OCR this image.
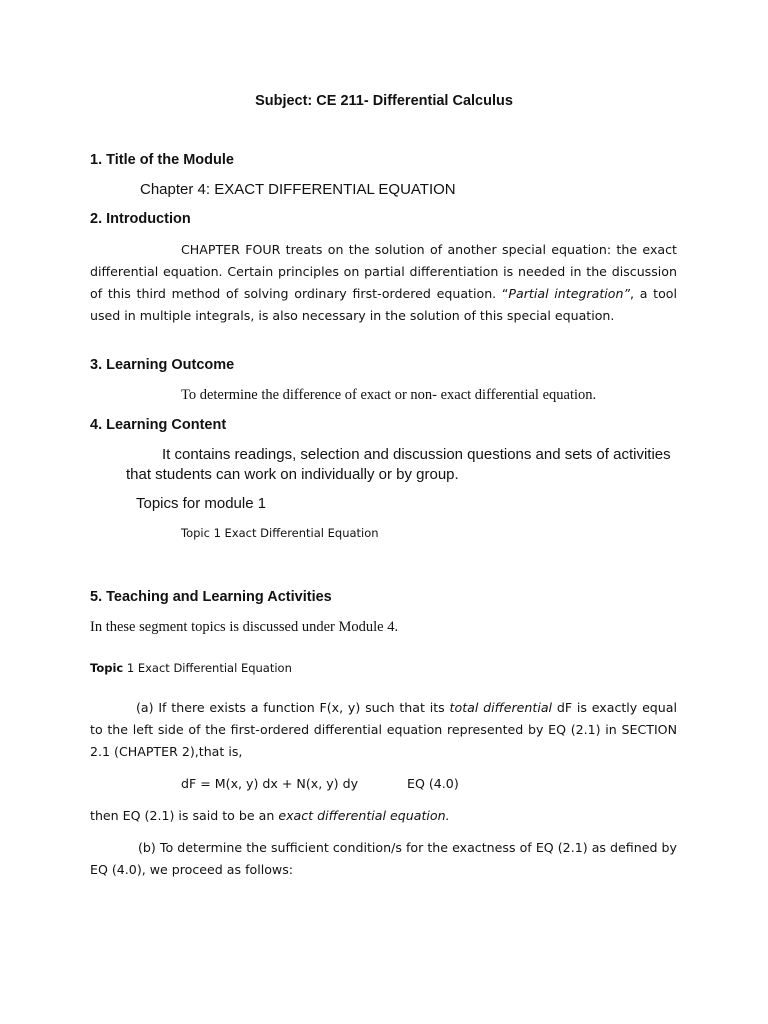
Subject: CE 211- Differential Calculus
1. Title of the Module
Chapter 4: EXACT DIFFERENTIAL EQUATION
2. Introduction
CHAPTER FOUR treats on the solution of another special equation: the exact differential equation. Certain principles on partial differentiation is needed in the discussion of this third method of solving ordinary first-ordered equation. “Partial integration”, a tool used in multiple integrals, is also necessary in the solution of this special equation.
3. Learning Outcome
To determine the difference of exact or non- exact differential equation.
4. Learning Content
It contains readings, selection and discussion questions and sets of activities
that students can work on individually or by group.
Topics for module 1
Topic 1 Exact Differential Equation
5. Teaching and Learning Activities
In these segment topics is discussed under Module 4.
Topic 1 Exact Differential Equation
(a) If there exists a function F(x, y) such that its total differential dF is exactly equal to the left side of the first-ordered differential equation represented by EQ (2.1) in SECTION 2.1 (CHAPTER 2),that is,
dF = M(x, y) dx + N(x, y) dy	EQ (4.0)
then EQ (2.1) is said to be an exact differential equation.
(b) To determine the sufficient condition/s for the exactness of EQ (2.1) as defined by EQ (4.0), we proceed as follows:
